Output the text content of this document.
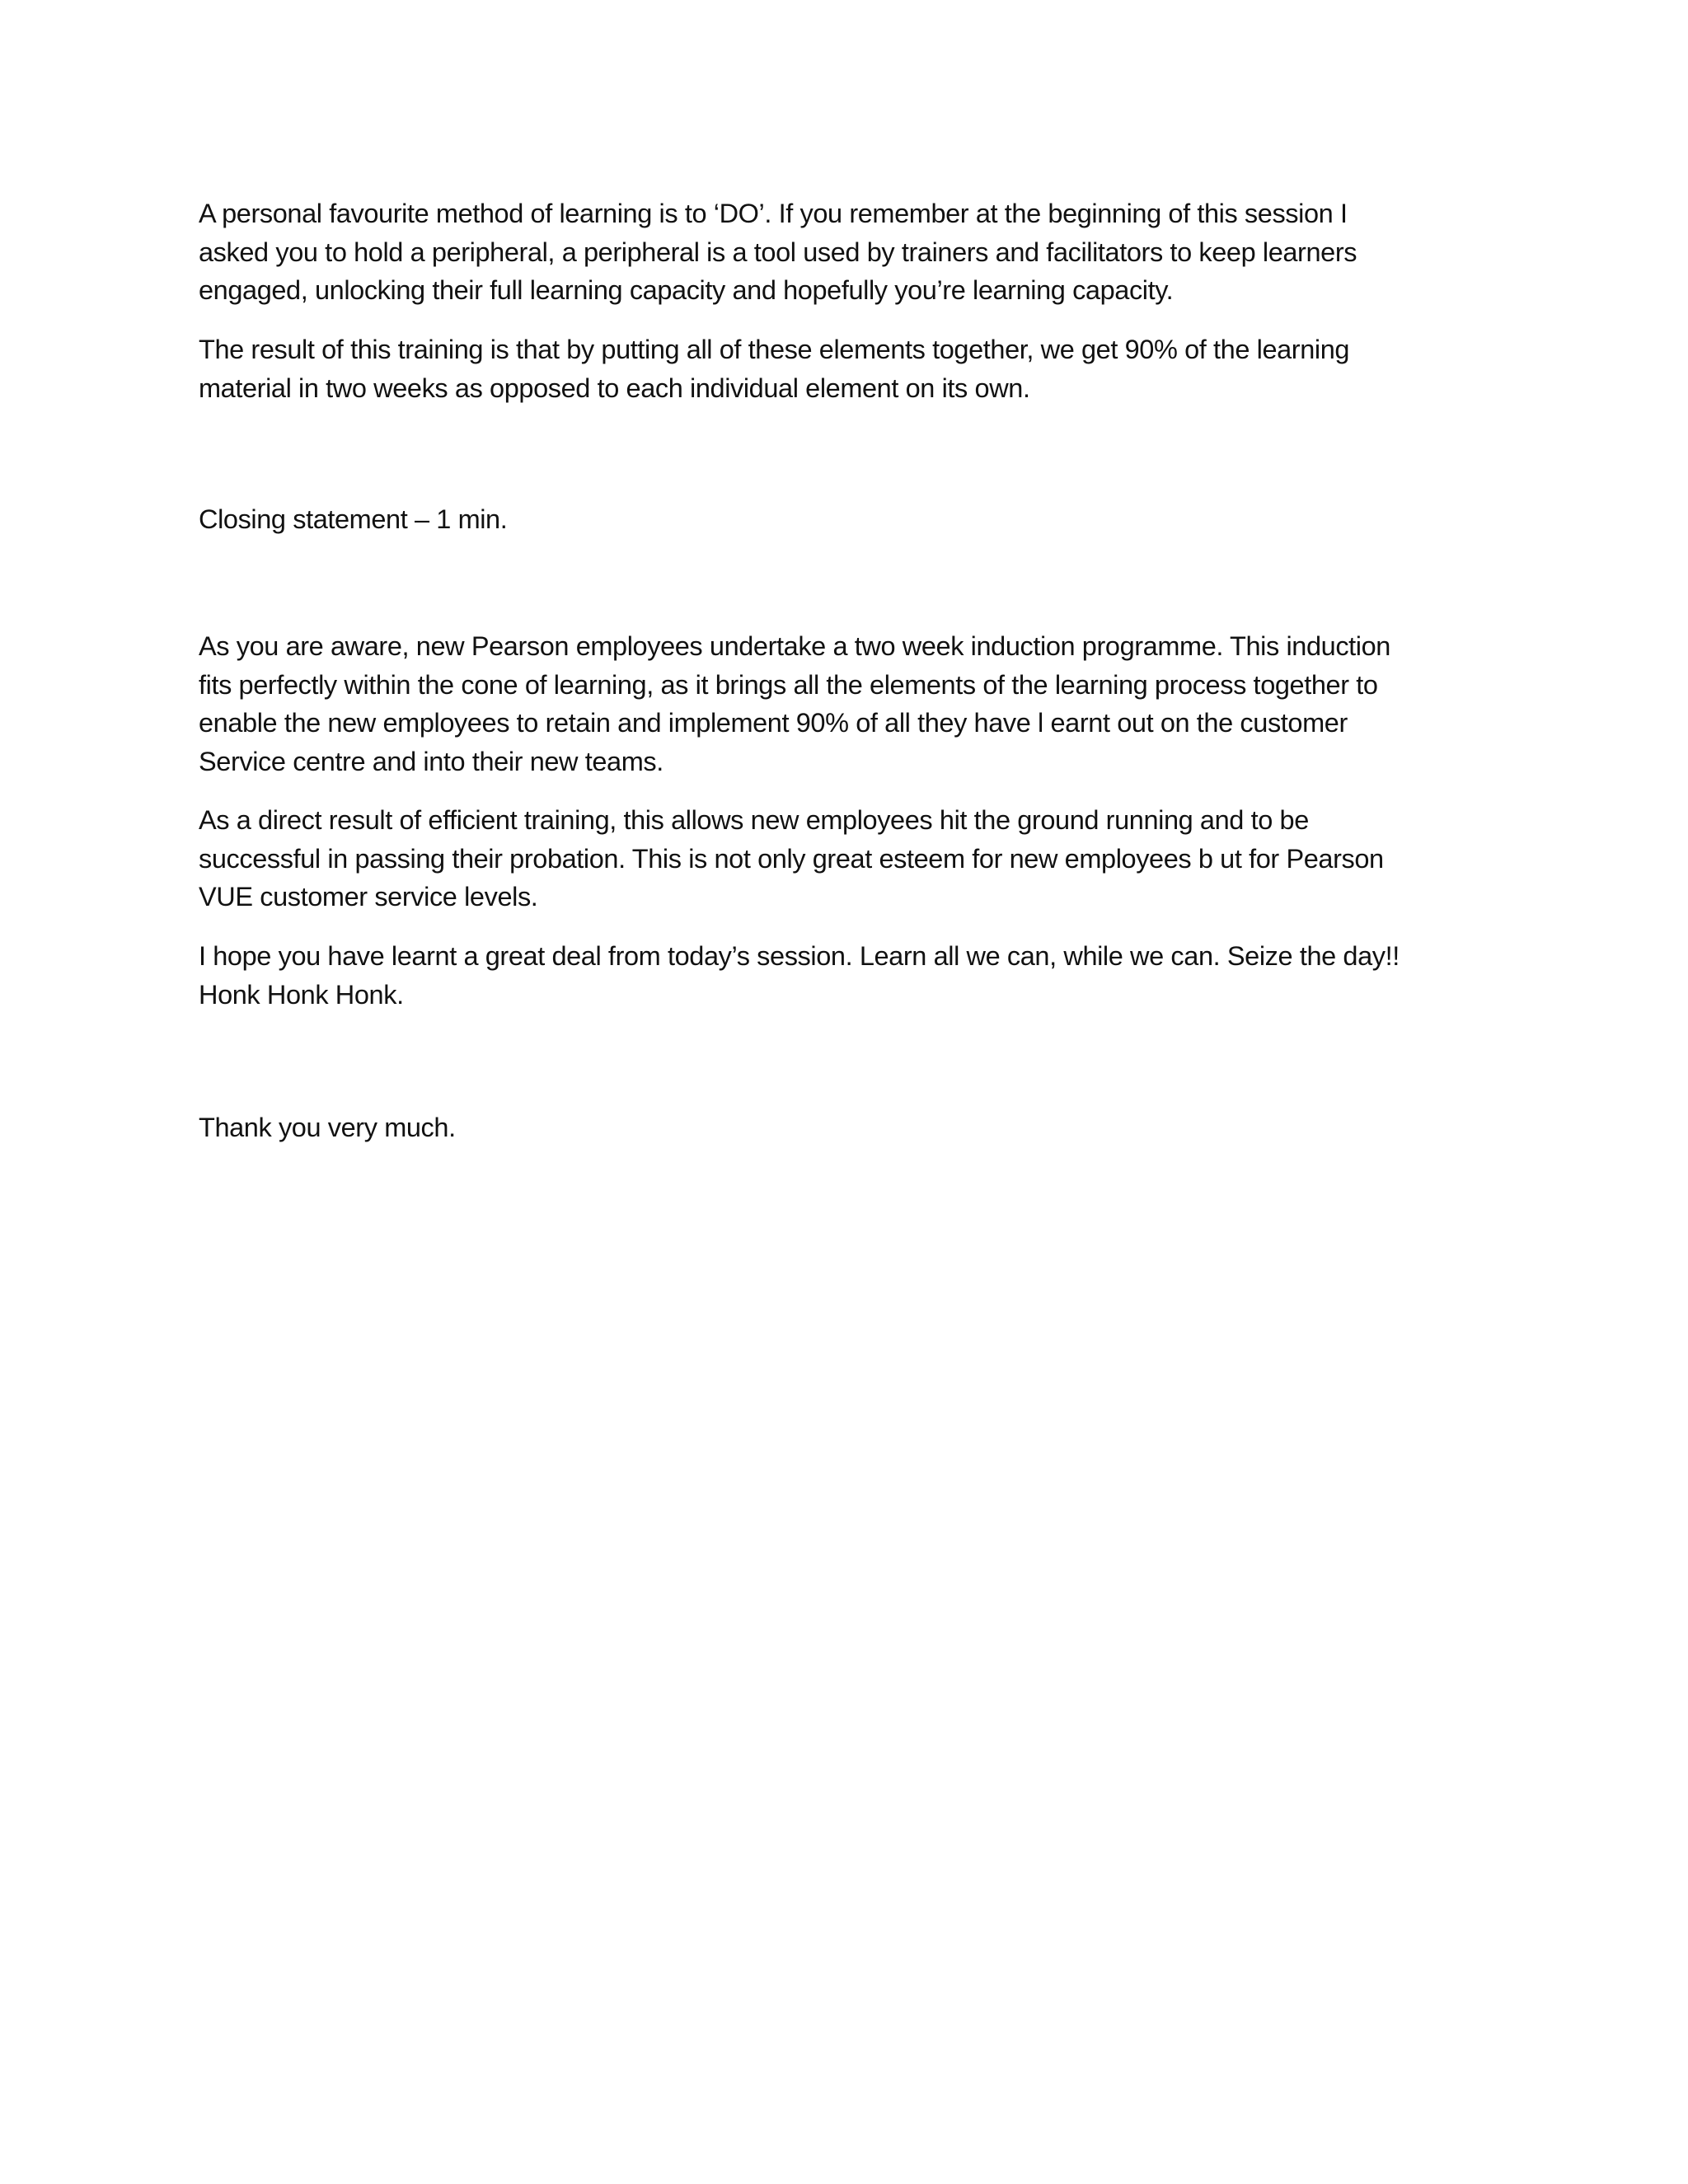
A personal favourite method of learning is to ‘DO’. If you remember at the beginning of this session I
asked you to hold a peripheral, a peripheral is a tool used by trainers and facilitators to keep learners
engaged, unlocking their full learning capacity and hopefully you’re learning capacity.
The result of this training is that by putting all of these elements together, we get 90% of the learning
material in two weeks as opposed to each individual element on its own.
Closing statement – 1 min.
As you are aware, new Pearson employees undertake a two week induction programme. This induction
fits perfectly within the cone of learning, as it brings all the elements of the learning process together to
enable the new employees to retain and implement 90% of all they have l earnt out on the customer
Service centre and into their new teams.
As a direct result of efficient training, this allows new employees hit the ground running and to be
successful in passing their probation. This is not only great esteem for new employees b ut for Pearson
VUE customer service levels.
I hope you have learnt a great deal from today’s session. Learn all we can, while we can. Seize the day!!
Honk Honk Honk.
Thank you very much.
